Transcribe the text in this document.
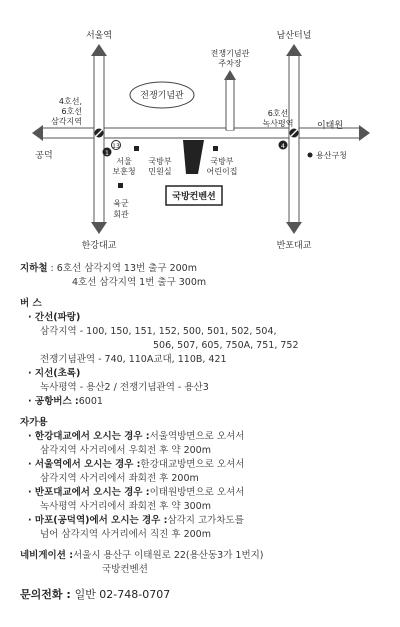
13
1
4
전쟁기념관
국방컨벤션
서울역	남산터널
한강대교	반포대교
공덕
이태원
4호선,
6호선
삼각지역
6호선
녹사평역
전쟁기념관
주차장
서울
보훈청
국방부
민원실
국방부
어린이집
육군
회관
용산구청
지하철 : 6호선 삼각지역 13번 출구 200m
4호선 삼각지역 1번 출구 300m
버 스
· 간선(파랑)
삼각지역 - 100, 150, 151, 152, 500, 501, 502, 504,
506, 507, 605, 750A, 751, 752
전쟁기념관역 - 740, 110A교대, 110B, 421
· 지선(초록)
녹사평역 - 용산2 / 전쟁기념관역 - 용산3
· 공항버스 : 6001
자가용
· 한강대교에서 오시는 경우 : 서울역방면으로 오셔서
삼각지역 사거리에서 우회전 후 약 200m
· 서울역에서 오시는 경우 : 한강대교방면으로 오셔서
삼각지역 사거리에서 좌회전 후 200m
· 반포대교에서 오시는 경우 : 이태원방면으로 오셔서
녹사평역 사거리에서 좌회전 후 약 300m
· 마포(공덕역)에서 오시는 경우 : 삼각지 고가차도를
넘어 삼각지역 사거리에서 직진 후 200m
네비게이션 : 서울시 용산구 이태원로 22(용산동3가 1번지)
국방컨벤션
문의전화 : 일반 02-748-0707
